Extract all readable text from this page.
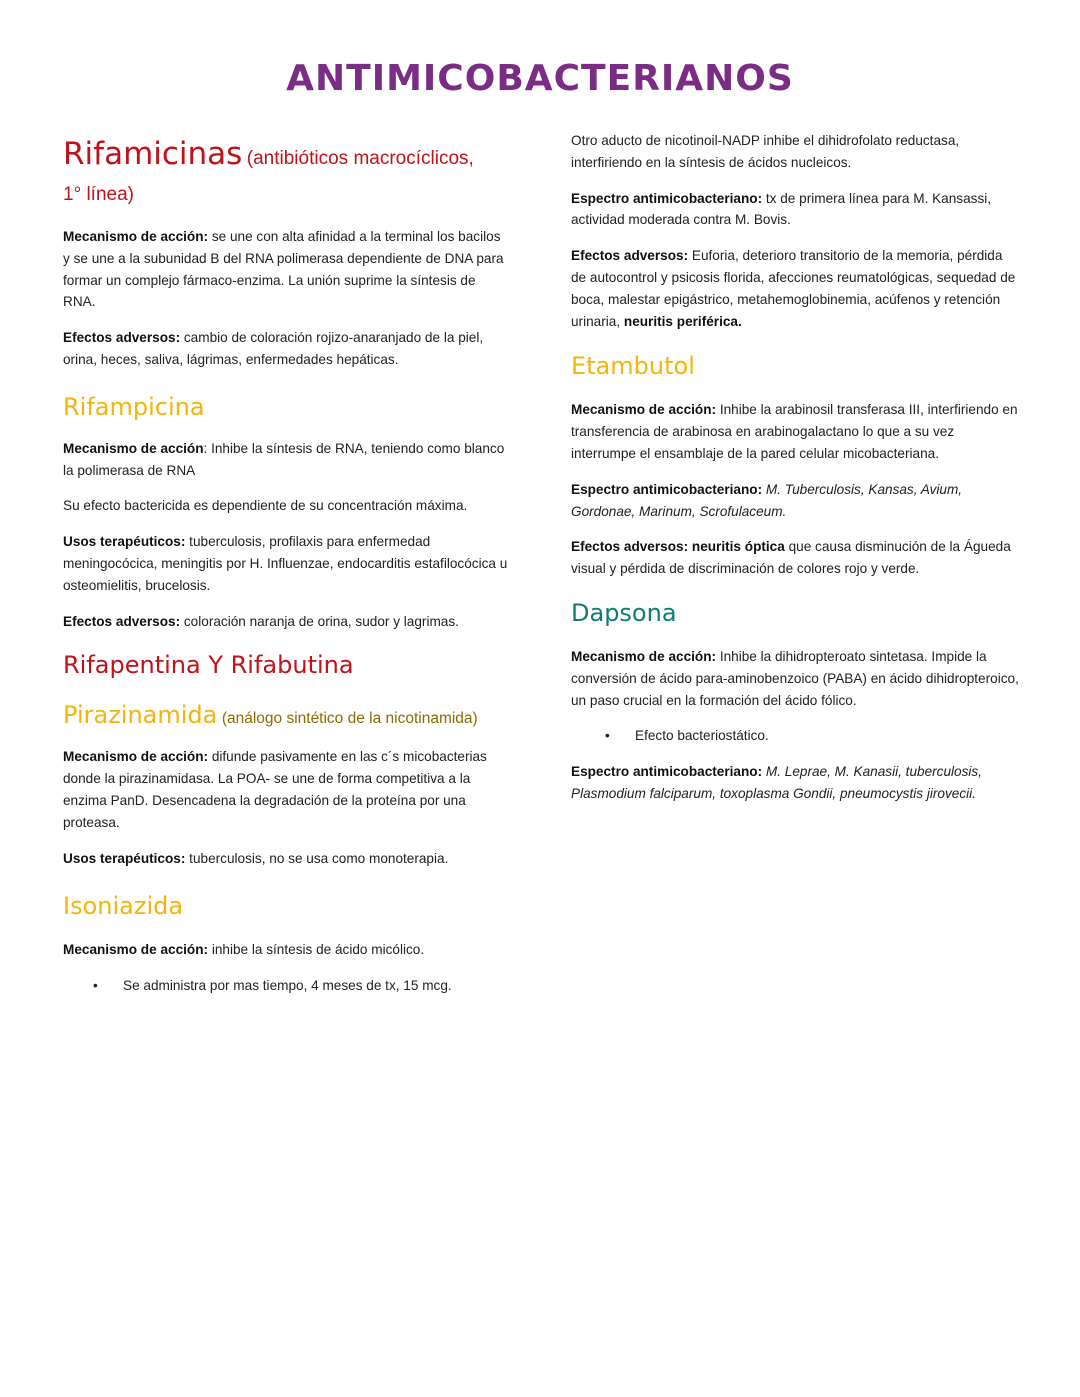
ANTIMICOBACTERIANOS
Rifamicinas (antibióticos macrocíclicos,

1° línea)

Mecanismo de acción: se une con alta afinidad a la terminal los bacilos y se une a la subunidad B del RNA polimerasa dependiente de DNA para formar un complejo fármaco-enzima. La unión suprime la síntesis de RNA.

Efectos adversos: cambio de coloración rojizo-anaranjado de la piel, orina, heces, saliva, lágrimas, enfermedades hepáticas.

Rifampicina

Mecanismo de acción: Inhibe la síntesis de RNA, teniendo como blanco la polimerasa de RNA

Su efecto bactericida es dependiente de su concentración máxima.

Usos terapéuticos: tuberculosis, profilaxis para enfermedad meningocócica, meningitis por H. Influenzae, endocarditis estafilocócica u osteomielitis, brucelosis.

Efectos adversos: coloración naranja de orina, sudor y lagrimas.

Rifapentina Y Rifabutina

Pirazinamida (análogo sintético de la nicotinamida)

Mecanismo de acción: difunde pasivamente en las c´s micobacterias donde la pirazinamidasa. La POA- se une de forma competitiva a la enzima PanD. Desencadena la degradación de la proteína por una proteasa.

Usos terapéuticos: tuberculosis, no se usa como monoterapia.

Isoniazida

Mecanismo de acción: inhibe la síntesis de ácido micólico.

•	Se administra por mas tiempo, 4 meses de tx, 15 mcg.

Otro aducto de nicotinoil-NADP inhibe el dihidrofolato reductasa, interfiriendo en la síntesis de ácidos nucleicos.

Espectro antimicobacteriano: tx de primera línea para M. Kansassi, actividad moderada contra M. Bovis.

Efectos adversos: Euforia, deterioro transitorio de la memoria, pérdida de autocontrol y psicosis florida, afecciones reumatológicas, sequedad de boca, malestar epigástrico, metahemoglobinemia, acúfenos y retención urinaria, neuritis periférica.

Etambutol

Mecanismo de acción: Inhibe la arabinosil transferasa III, interfiriendo en transferencia de arabinosa en arabinogalactano lo que a su vez interrumpe el ensamblaje de la pared celular micobacteriana.

Espectro antimicobacteriano: M. Tuberculosis, Kansas, Avium, Gordonae, Marinum, Scrofulaceum.

Efectos adversos: neuritis óptica que causa disminución de la Águeda visual y pérdida de discriminación de colores rojo y verde.

Dapsona

Mecanismo de acción: Inhibe la dihidropteroato sintetasa. Impide la conversión de ácido para-aminobenzoico (PABA) en ácido dihidropteroico, un paso crucial en la formación del ácido fólico.

•	Efecto bacteriostático.

Espectro antimicobacteriano: M. Leprae, M. Kanasii, tuberculosis, Plasmodium falciparum, toxoplasma Gondii, pneumocystis jirovecii.
